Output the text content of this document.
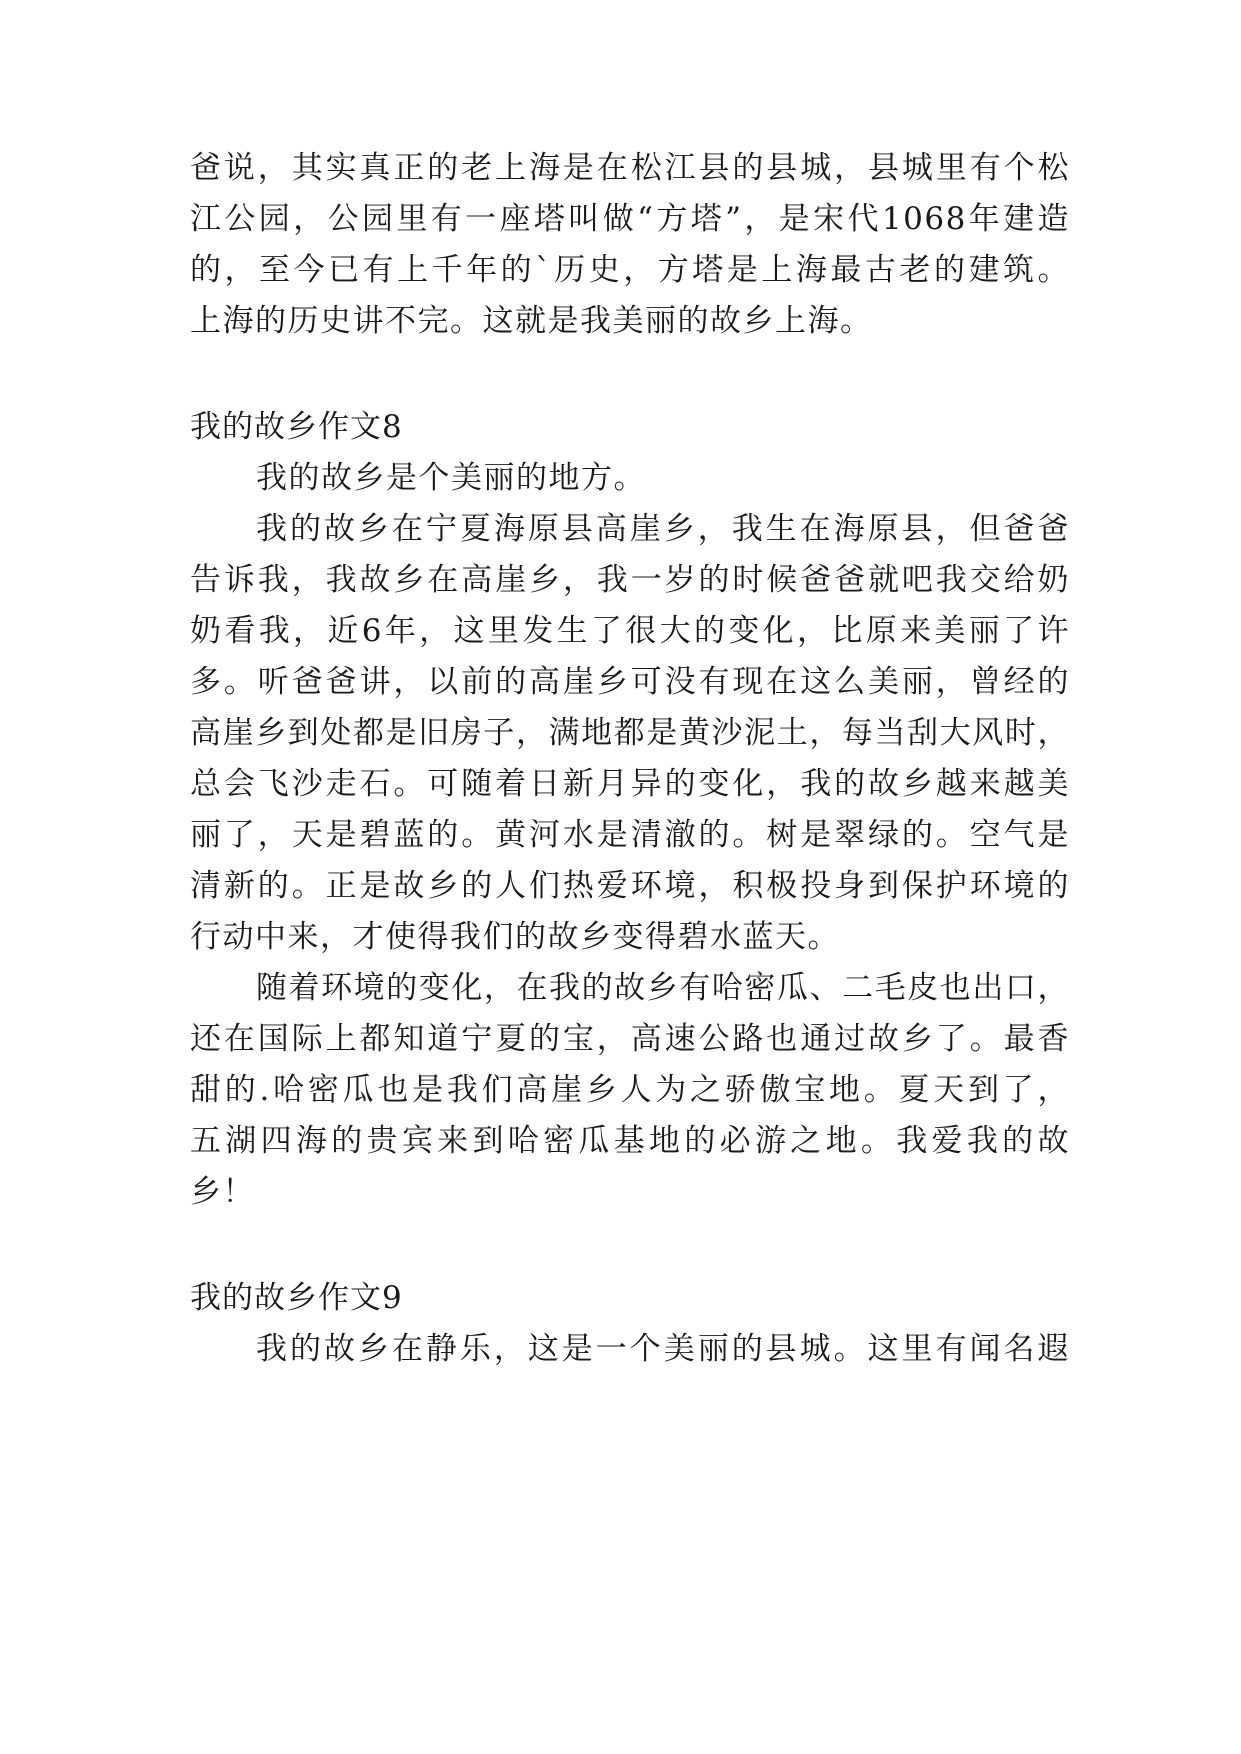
爸说，其实真正的老上海是在松江县的县城，县城里有个松
江公园，公园里有一座塔叫做“方塔”，是宋代1068年建造
的，至今已有上千年的`历史，方塔是上海最古老的建筑。
上海的历史讲不完。这就是我美丽的故乡上海。
我的故乡作文8
我的故乡是个美丽的地方。
我的故乡在宁夏海原县高崖乡，我生在海原县，但爸爸
告诉我，我故乡在高崖乡，我一岁的时候爸爸就吧我交给奶
奶看我，近6年，这里发生了很大的变化，比原来美丽了许
多。听爸爸讲，以前的高崖乡可没有现在这么美丽，曾经的
高崖乡到处都是旧房子，满地都是黄沙泥土，每当刮大风时，
总会飞沙走石。可随着日新月异的变化，我的故乡越来越美
丽了，天是碧蓝的。黄河水是清澈的。树是翠绿的。空气是
清新的。正是故乡的人们热爱环境，积极投身到保护环境的
行动中来，才使得我们的故乡变得碧水蓝天。
随着环境的变化，在我的故乡有哈密瓜、二毛皮也出口，
还在国际上都知道宁夏的宝，高速公路也通过故乡了。最香
甜的.哈密瓜也是我们高崖乡人为之骄傲宝地。夏天到了，
五湖四海的贵宾来到哈密瓜基地的必游之地。我爱我的故
乡！
我的故乡作文9
我的故乡在静乐，这是一个美丽的县城。这里有闻名遐
